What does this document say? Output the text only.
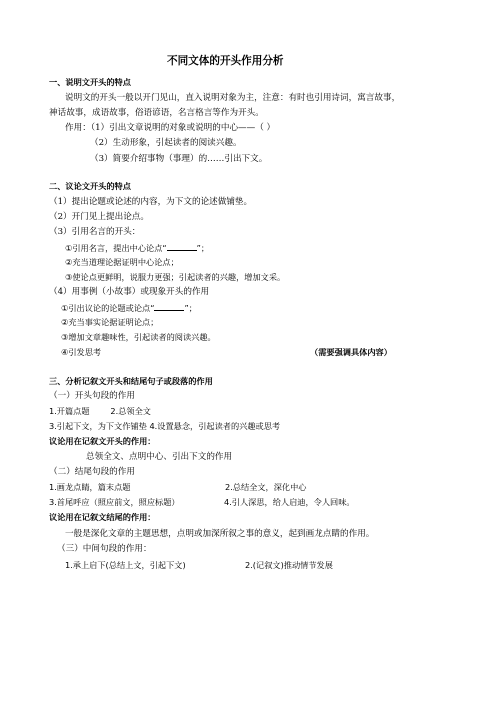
不同文体的开头作用分析
一、说明文开头的特点
说明文的开头一般以开门见山，直入说明对象为主，注意：有时也引用诗词，寓言故事，
神话故事，成语故事，俗语谚语，名言格言等作为开头。
作用：（1）引出文章说明的对象或说明的中心——（ ）
（2）生动形象，引起读者的阅读兴趣。
（3）简要介绍事物（事理）的……引出下文。
二、议论文开头的特点
（1）提出论题或论述的内容，为下文的论述做铺垫。
（2）开门见上提出论点。
（3）引用名言的开头：
①引用名言，提出中心论点“	”；
②充当道理论据证明中心论点；
③使论点更鲜明，说服力更强；引起读者的兴趣，增加文采。
（4）用事例（小故事）或现象开头的作用
①引出议论的论题或论点“	”；
②充当事实论据证明论点；
③增加文章趣味性，引起读者的阅读兴趣。
④引发思考	（需要强调具体内容）
三、分析记叙文开头和结尾句子或段落的作用
（一）开头句段的作用
1.开篇点题        2.总领全文
3.引起下文，为下文作铺垫 4.设置悬念，引起读者的兴趣或思考
议论用在记叙文开头的作用：
总领全文、点明中心、引出下文的作用
（二）结尾句段的作用
1.画龙点睛，篇末点题	2.总结全文，深化中心
3.首尾呼应（照应前文，照应标题）	4.引人深思，给人启迪，令人回味。
议论用在记叙文结尾的作用：
一般是深化文章的主题思想，点明或加深所叙之事的意义，起到画龙点睛的作用。
（三）中间句段的作用：
1.承上启下(总结上文，引起下文)	2.(记叙文)推动情节发展
